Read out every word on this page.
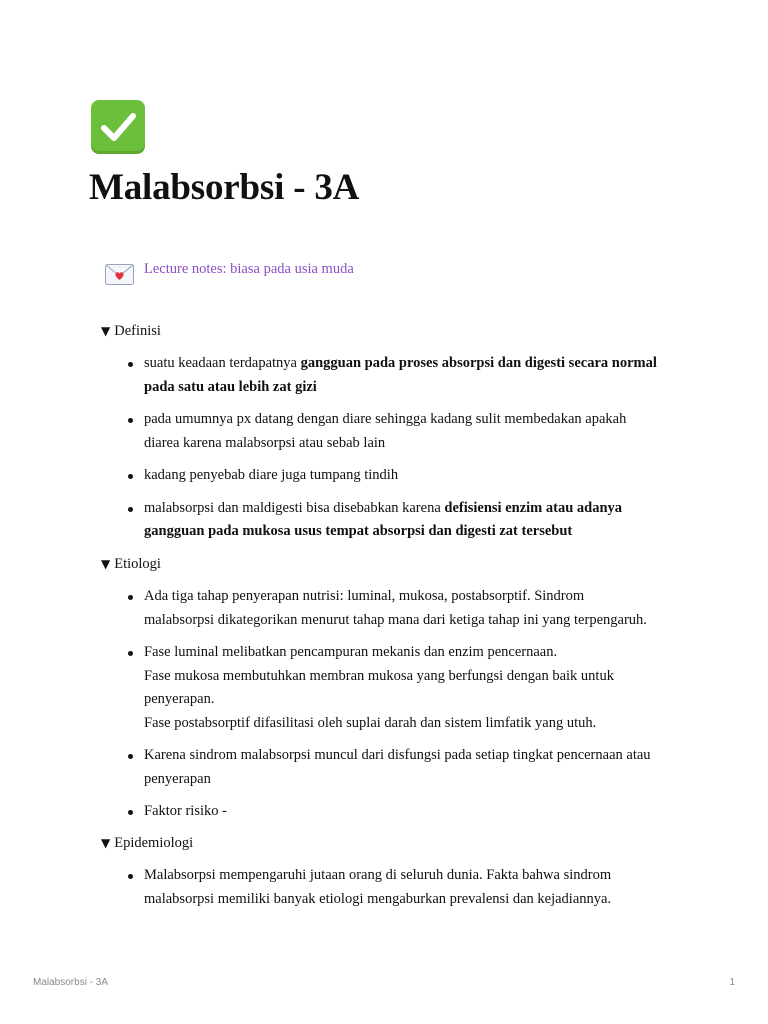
Malabsorbsi - 3A
Lecture notes: biasa pada usia muda
▼ Definisi
suatu keadaan terdapatnya gangguan pada proses absorpsi dan digesti secara normal
pada satu atau lebih zat gizi
pada umumnya px datang dengan diare sehingga kadang sulit membedakan apakah
diarea karena malabsorpsi atau sebab lain
kadang penyebab diare juga tumpang tindih
malabsorpsi dan maldigesti bisa disebabkan karena defisiensi enzim atau adanya
gangguan pada mukosa usus tempat absorpsi dan digesti zat tersebut
▼ Etiologi
Ada tiga tahap penyerapan nutrisi: luminal, mukosa, postabsorptif. Sindrom
malabsorpsi dikategorikan menurut tahap mana dari ketiga tahap ini yang terpengaruh.
Fase luminal melibatkan pencampuran mekanis dan enzim pencernaan.
Fase mukosa membutuhkan membran mukosa yang berfungsi dengan baik untuk
penyerapan.
Fase postabsorptif difasilitasi oleh suplai darah dan sistem limfatik yang utuh.
Karena sindrom malabsorpsi muncul dari disfungsi pada setiap tingkat pencernaan atau
penyerapan
Faktor risiko -
▼ Epidemiologi
Malabsorpsi mempengaruhi jutaan orang di seluruh dunia. Fakta bahwa sindrom
malabsorpsi memiliki banyak etiologi mengaburkan prevalensi dan kejadiannya.
Malabsorbsi - 3A	1
